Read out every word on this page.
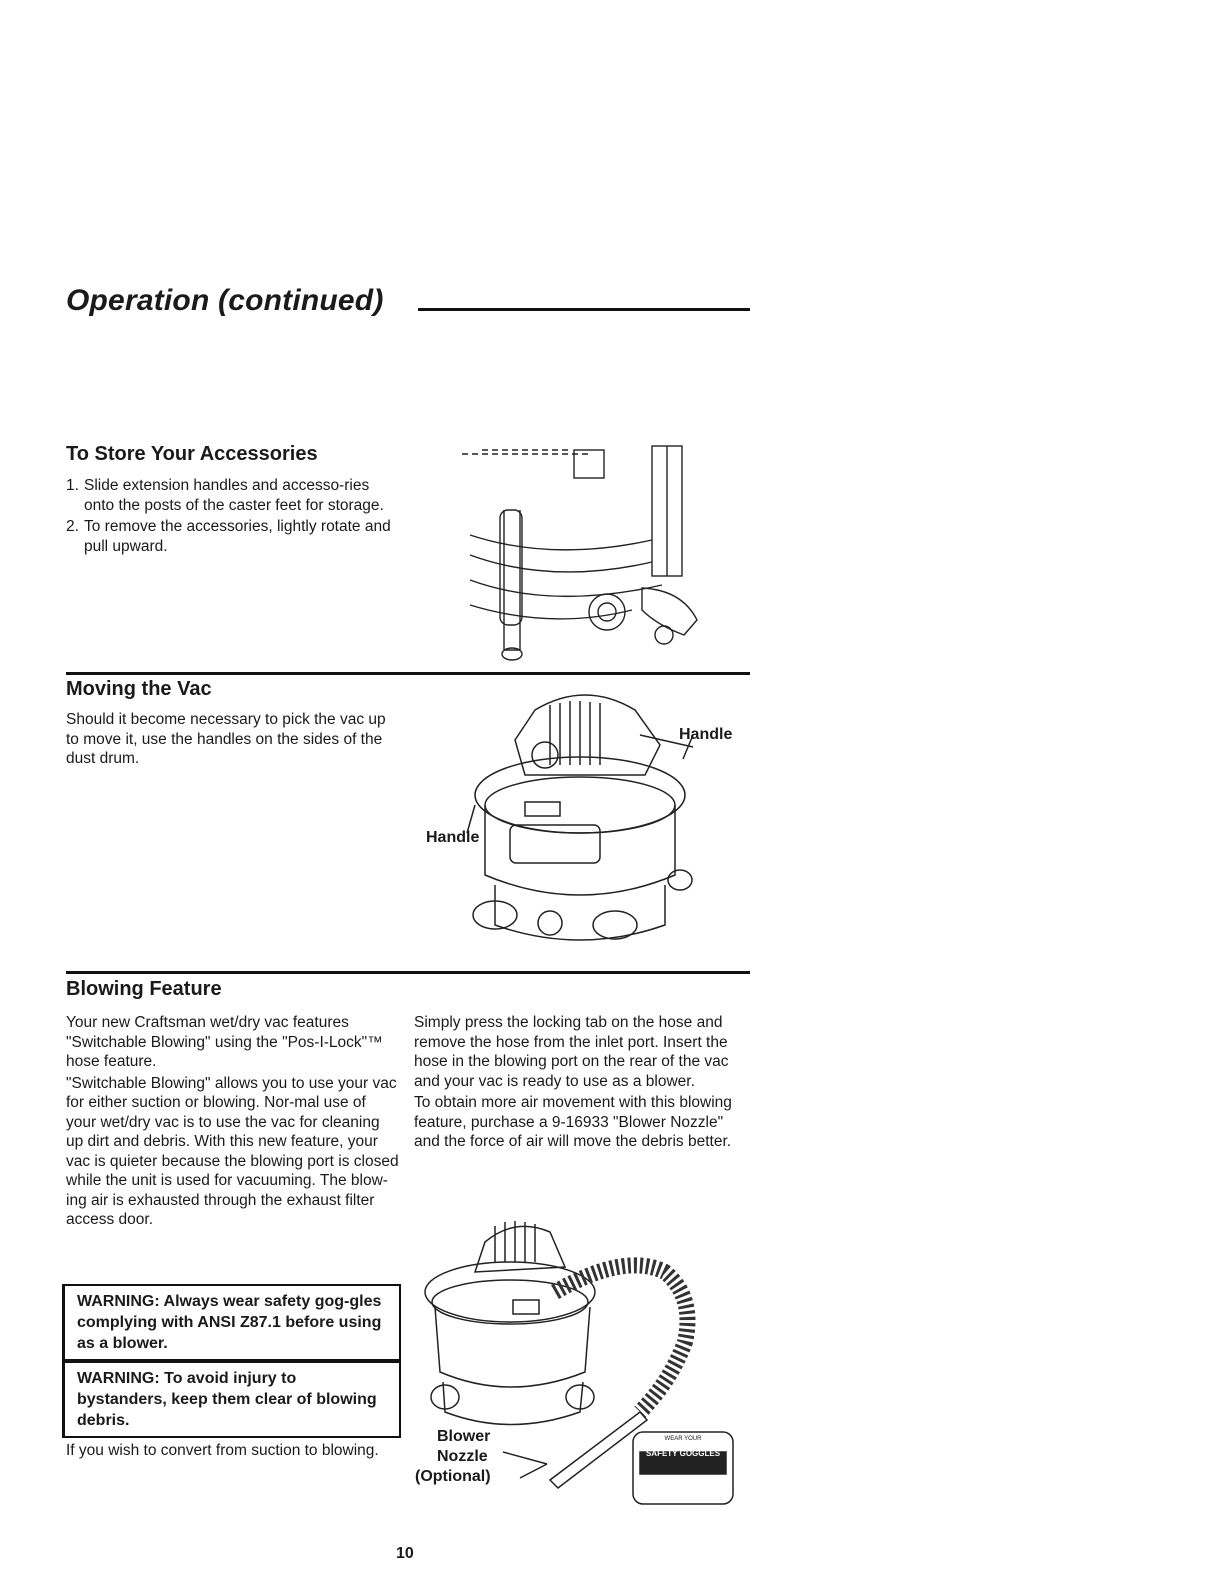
Operation (continued)
To Store Your Accessories
1. Slide extension handles and accesso-ries onto the posts of the caster feet for storage.
2. To remove the accessories, lightly rotate and pull upward.
Moving the Vac

Should it become necessary to pick the vac up to move it, use the handles on the sides of the dust drum.

Handle
Handle
Blowing Feature

Your new Craftsman wet/dry vac features "Switchable Blowing" using the "Pos-I-Lock"™ hose feature.

"Switchable Blowing" allows you to use your vac for either suction or blowing. Nor-mal use of your wet/dry vac is to use the vac for cleaning up dirt and debris. With this new feature, your vac is quieter because the blowing port is closed while the unit is used for vacuuming. The blow-ing air is exhausted through the exhaust filter access door.

WARNING: Always wear safety gog-gles complying with ANSI Z87.1 before using as a blower.
WARNING: To avoid injury to bystanders, keep them clear of blowing debris.

If you wish to convert from suction to blowing.

Simply press the locking tab on the hose and remove the hose from the inlet port. Insert the hose in the blowing port on the rear of the vac and your vac is ready to use as a blower.

To obtain more air movement with this blowing feature, purchase a 9-16933 "Blower Nozzle" and the force of air will move the debris better.

Blower
Nozzle
(Optional)
WEAR YOUR
SAFETY GOGGLES
10
